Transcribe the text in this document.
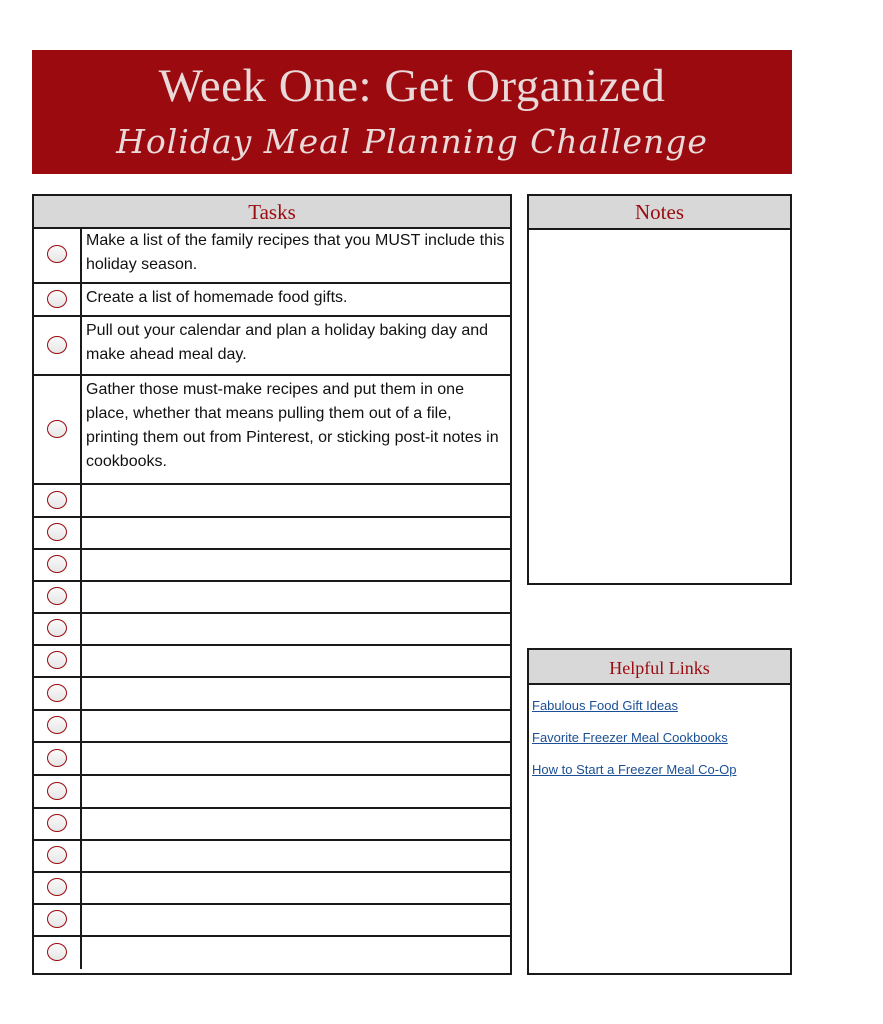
Week One: Get Organized
Holiday Meal Planning Challenge
Tasks
Make a list of the family recipes that you MUST include this holiday season.
Create a list of homemade food gifts.
Pull out your calendar and plan a holiday baking day and make ahead meal day.
Gather those must-make recipes and put them in one place, whether that means pulling them out of a file, printing them out from Pinterest, or sticking post-it notes in cookbooks.
Notes
Helpful Links
Fabulous Food Gift Ideas
Favorite Freezer Meal Cookbooks
How to Start a Freezer Meal Co-Op
